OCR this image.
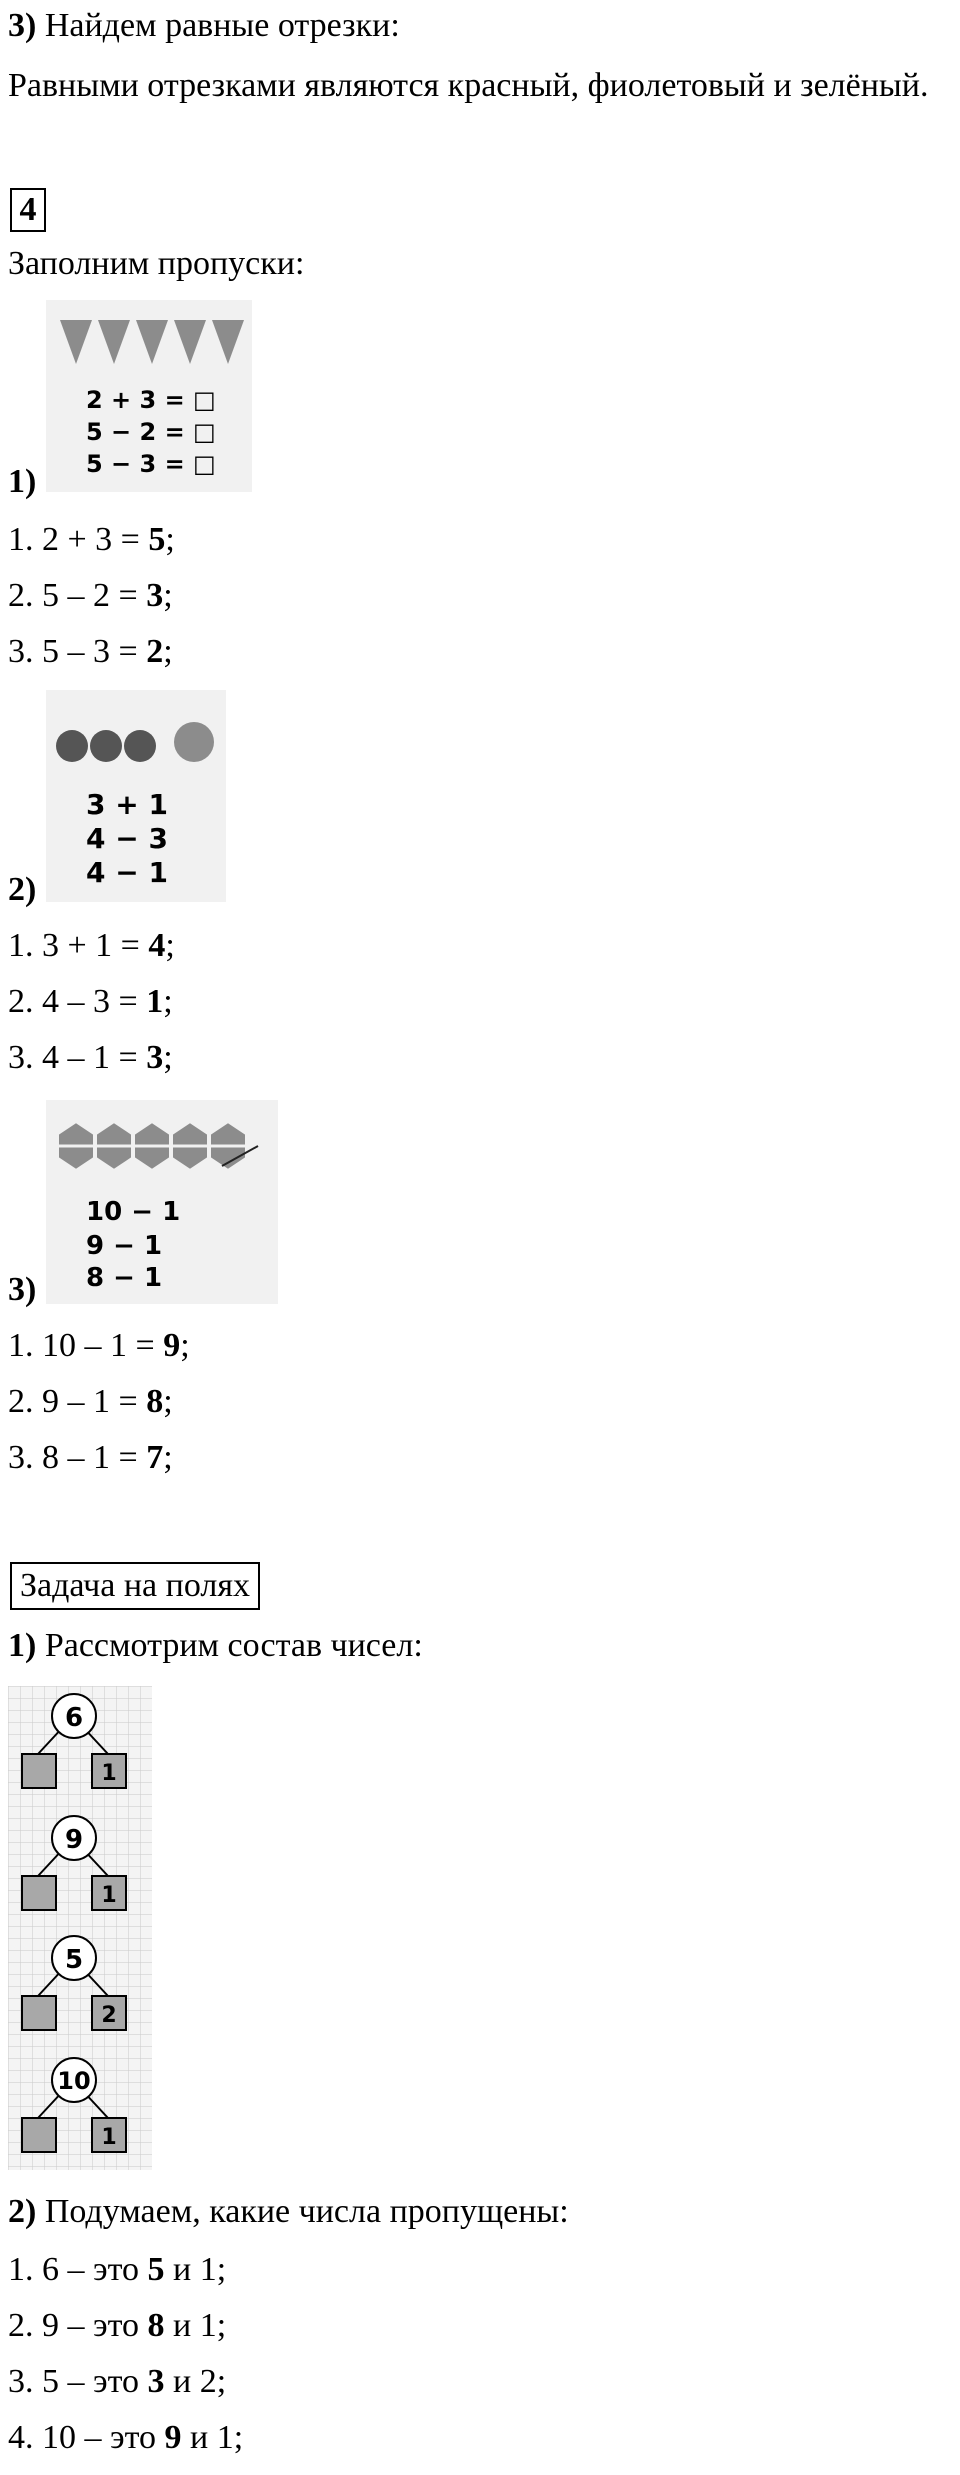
3) Найдем равные отрезки:
Равными отрезками являются красный, фиолетовый и зелёный.
4
Заполним пропуски:
2 + 3 = □
5 − 2 = □
5 − 3 = □
1)
1. 2 + 3 = 5;
2. 5 – 2 = 3;
3. 5 – 3 = 2;
3 + 1
4 − 3
4 − 1
2)
1. 3 + 1 = 4;
2. 4 – 3 = 1;
3. 4 – 1 = 3;
10 − 1
9 − 1
8 − 1
3)
1. 10 – 1 = 9;
2. 9 – 1 = 8;
3. 8 – 1 = 7;
Задача на полях
1) Рассмотрим состав чисел:
6
1
9
1
5
2
10
1
2) Подумаем, какие числа пропущены:
1. 6 – это 5 и 1;
2. 9 – это 8 и 1;
3. 5 – это 3 и 2;
4. 10 – это 9 и 1;
